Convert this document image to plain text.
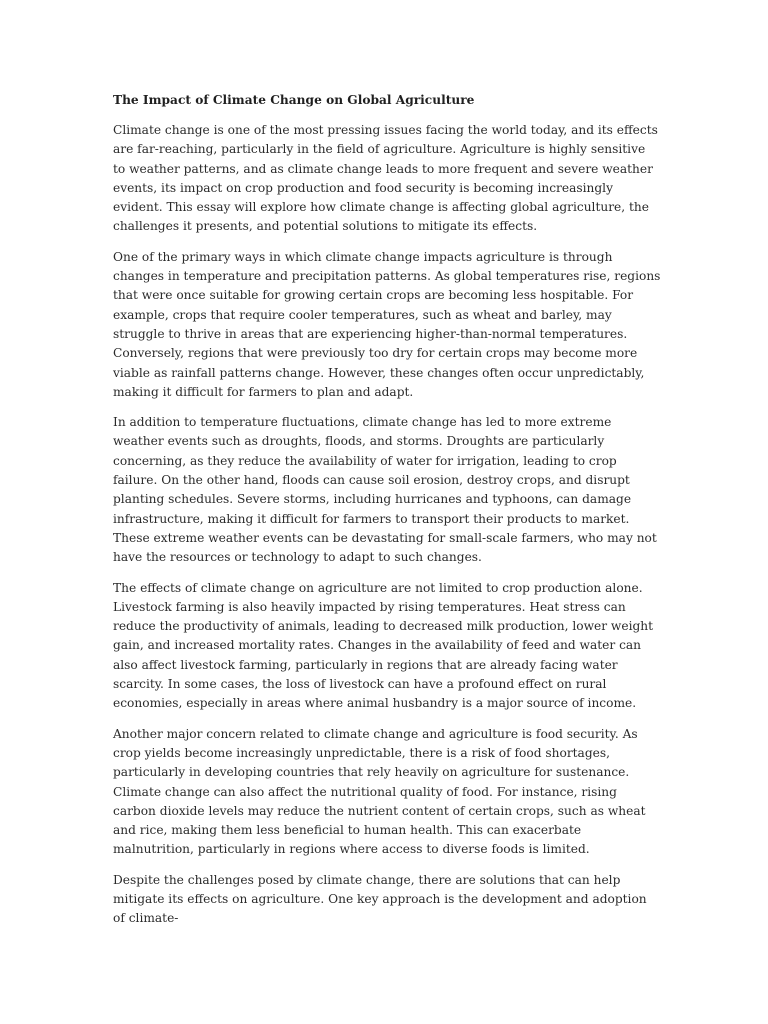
The Impact of Climate Change on Global Agriculture

Climate change is one of the most pressing issues facing the world today, and its effects are far-reaching, particularly in the field of agriculture. Agriculture is highly sensitive to weather patterns, and as climate change leads to more frequent and severe weather events, its impact on crop production and food security is becoming increasingly evident. This essay will explore how climate change is affecting global agriculture, the challenges it presents, and potential solutions to mitigate its effects.

One of the primary ways in which climate change impacts agriculture is through changes in temperature and precipitation patterns. As global temperatures rise, regions that were once suitable for growing certain crops are becoming less hospitable. For example, crops that require cooler temperatures, such as wheat and barley, may struggle to thrive in areas that are experiencing higher-than-normal temperatures. Conversely, regions that were previously too dry for certain crops may become more viable as rainfall patterns change. However, these changes often occur unpredictably, making it difficult for farmers to plan and adapt.

In addition to temperature fluctuations, climate change has led to more extreme weather events such as droughts, floods, and storms. Droughts are particularly concerning, as they reduce the availability of water for irrigation, leading to crop failure. On the other hand, floods can cause soil erosion, destroy crops, and disrupt planting schedules. Severe storms, including hurricanes and typhoons, can damage infrastructure, making it difficult for farmers to transport their products to market. These extreme weather events can be devastating for small-scale farmers, who may not have the resources or technology to adapt to such changes.

The effects of climate change on agriculture are not limited to crop production alone. Livestock farming is also heavily impacted by rising temperatures. Heat stress can reduce the productivity of animals, leading to decreased milk production, lower weight gain, and increased mortality rates. Changes in the availability of feed and water can also affect livestock farming, particularly in regions that are already facing water scarcity. In some cases, the loss of livestock can have a profound effect on rural economies, especially in areas where animal husbandry is a major source of income.

Another major concern related to climate change and agriculture is food security. As crop yields become increasingly unpredictable, there is a risk of food shortages, particularly in developing countries that rely heavily on agriculture for sustenance. Climate change can also affect the nutritional quality of food. For instance, rising carbon dioxide levels may reduce the nutrient content of certain crops, such as wheat and rice, making them less beneficial to human health. This can exacerbate malnutrition, particularly in regions where access to diverse foods is limited.

Despite the challenges posed by climate change, there are solutions that can help mitigate its effects on agriculture. One key approach is the development and adoption of climate-
